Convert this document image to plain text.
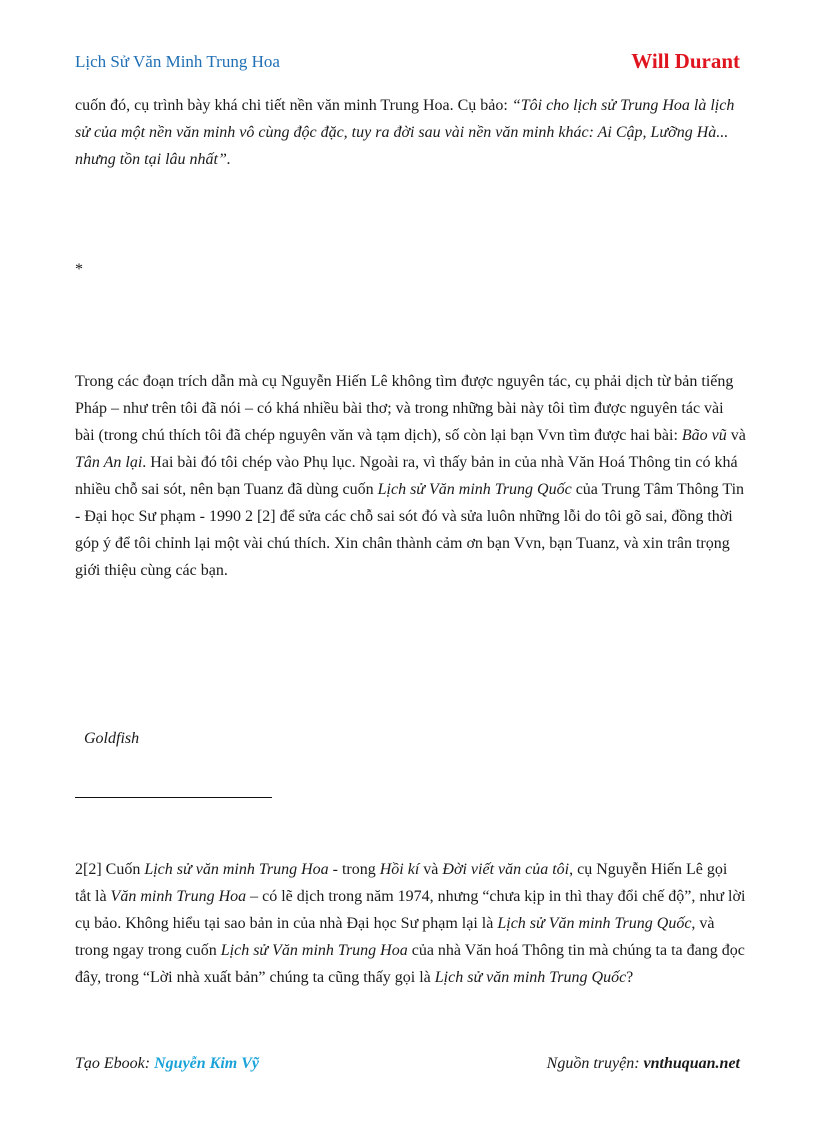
Lịch Sử Văn Minh Trung Hoa	Will Durant

cuốn đó, cụ trình bày khá chi tiết nền văn minh Trung Hoa. Cụ bảo: “Tôi cho lịch sử Trung Hoa là lịch sử của một nền văn minh vô cùng độc đặc, tuy ra đời sau vài nền văn minh khác: Ai Cập, Lưỡng Hà... nhưng tồn tại lâu nhất”.

*

Trong các đoạn trích dẫn mà cụ Nguyễn Hiến Lê không tìm được nguyên tác, cụ phải dịch từ bản tiếng Pháp – như trên tôi đã nói – có khá nhiều bài thơ; và trong những bài này tôi tìm được nguyên tác vài bài (trong chú thích tôi đã chép nguyên văn và tạm dịch), số còn lại bạn Vvn tìm được hai bài: Bão vũ và Tân An lại. Hai bài đó tôi chép vào Phụ lục. Ngoài ra, vì thấy bản in của nhà Văn Hoá Thông tin có khá nhiều chỗ sai sót, nên bạn Tuanz đã dùng cuốn Lịch sử Văn minh Trung Quốc của Trung Tâm Thông Tin - Đại học Sư phạm - 1990 2 [2] để sửa các chỗ sai sót đó và sửa luôn những lỗi do tôi gõ sai, đồng thời góp ý để tôi chỉnh lại một vài chú thích. Xin chân thành cảm ơn bạn Vvn, bạn Tuanz, và xin trân trọng giới thiệu cùng các bạn.

Goldfish

2[2] Cuốn Lịch sử văn minh Trung Hoa - trong Hồi kí và Đời viết văn của tôi, cụ Nguyễn Hiến Lê gọi tắt là Văn minh Trung Hoa – có lẽ dịch trong năm 1974, nhưng “chưa kịp in thì thay đổi chế độ”, như lời cụ bảo. Không hiểu tại sao bản in của nhà Đại học Sư phạm lại là Lịch sử Văn minh Trung Quốc, và trong ngay trong cuốn Lịch sử Văn minh Trung Hoa của nhà Văn hoá Thông tin mà chúng ta ta đang đọc đây, trong “Lời nhà xuất bản” chúng ta cũng thấy gọi là Lịch sử văn minh Trung Quốc?

Tạo Ebook: Nguyễn Kim Vỹ	Nguồn truyện: vnthuquan.net
